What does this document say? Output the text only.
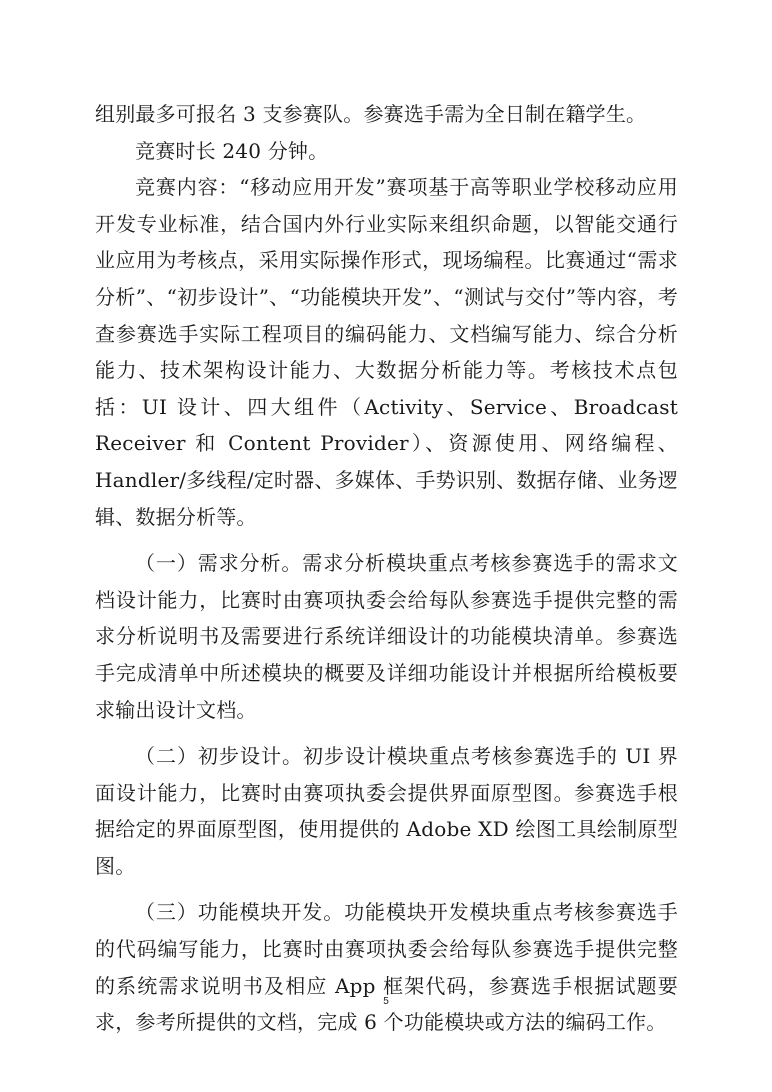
组别最多可报名 3 支参赛队。参赛选手需为全日制在籍学生。

竞赛时长 240 分钟。

竞赛内容：“移动应用开发”赛项基于高等职业学校移动应用开发专业标准，结合国内外行业实际来组织命题，以智能交通行业应用为考核点，采用实际操作形式，现场编程。比赛通过“需求分析”、“初步设计”、“功能模块开发”、“测试与交付”等内容，考查参赛选手实际工程项目的编码能力、文档编写能力、综合分析能力、技术架构设计能力、大数据分析能力等。考核技术点包括：UI 设计、四大组件（Activity、Service、Broadcast Receiver 和 Content Provider）、资源使用、网络编程、Handler/多线程/定时器、多媒体、手势识别、数据存储、业务逻辑、数据分析等。

（一）需求分析。需求分析模块重点考核参赛选手的需求文档设计能力，比赛时由赛项执委会给每队参赛选手提供完整的需求分析说明书及需要进行系统详细设计的功能模块清单。参赛选手完成清单中所述模块的概要及详细功能设计并根据所给模板要求输出设计文档。

（二）初步设计。初步设计模块重点考核参赛选手的 UI 界面设计能力，比赛时由赛项执委会提供界面原型图。参赛选手根据给定的界面原型图，使用提供的 Adobe XD 绘图工具绘制原型图。

（三）功能模块开发。功能模块开发模块重点考核参赛选手的代码编写能力，比赛时由赛项执委会给每队参赛选手提供完整的系统需求说明书及相应 App 框架代码，参赛选手根据试题要求，参考所提供的文档，完成 6 个功能模块或方法的编码工作。

5
